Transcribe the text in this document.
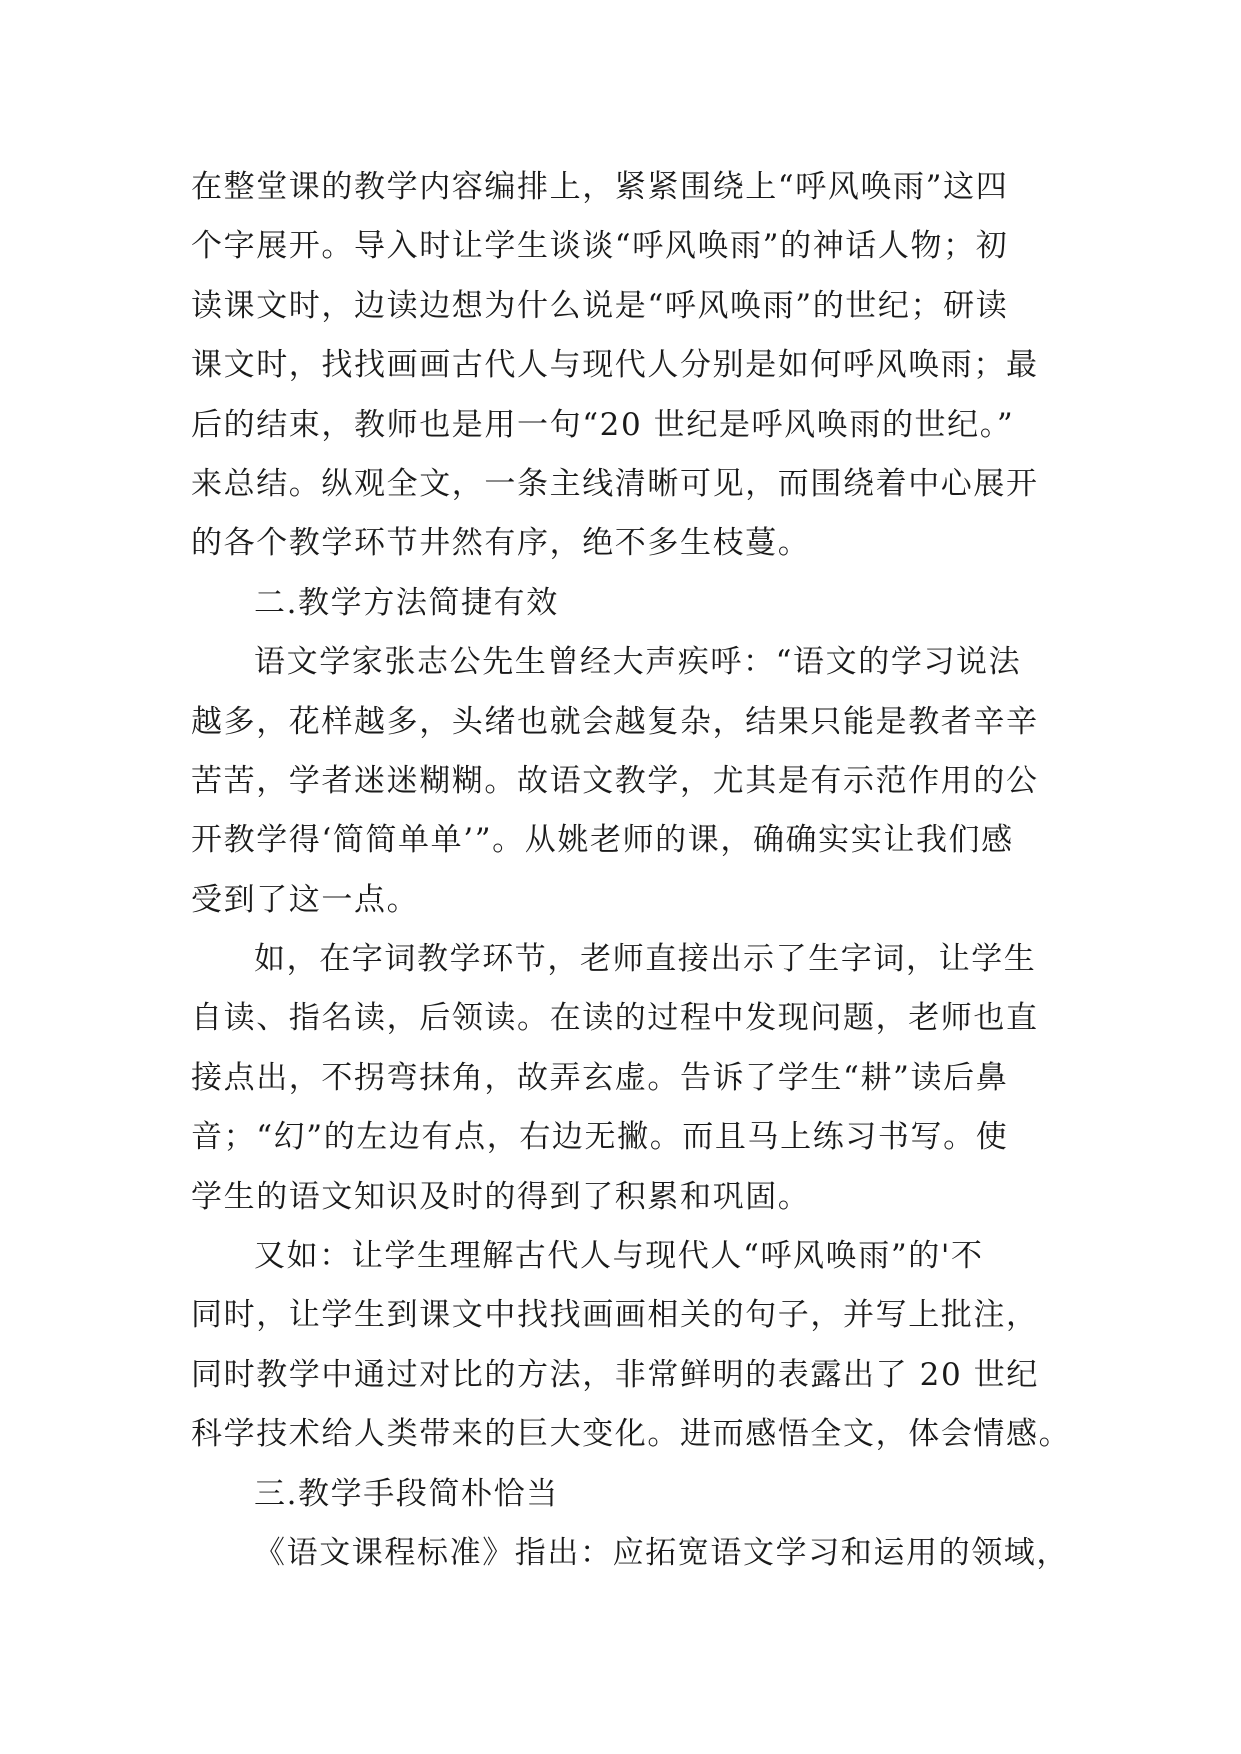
在整堂课的教学内容编排上，紧紧围绕上“呼风唤雨”这四
个字展开。导入时让学生谈谈“呼风唤雨”的神话人物；初
读课文时，边读边想为什么说是“呼风唤雨”的世纪；研读
课文时，找找画画古代人与现代人分别是如何呼风唤雨；最
后的结束，教师也是用一句“20 世纪是呼风唤雨的世纪。”
来总结。纵观全文，一条主线清晰可见，而围绕着中心展开
的各个教学环节井然有序，绝不多生枝蔓。
二.教学方法简捷有效
语文学家张志公先生曾经大声疾呼：“语文的学习说法
越多，花样越多，头绪也就会越复杂，结果只能是教者辛辛
苦苦，学者迷迷糊糊。故语文教学，尤其是有示范作用的公
开教学得‘简简单单’”。从姚老师的课，确确实实让我们感
受到了这一点。
如，在字词教学环节，老师直接出示了生字词，让学生
自读、指名读，后领读。在读的过程中发现问题，老师也直
接点出，不拐弯抹角，故弄玄虚。告诉了学生“耕”读后鼻
音；“幻”的左边有点，右边无撇。而且马上练习书写。使
学生的语文知识及时的得到了积累和巩固。
又如：让学生理解古代人与现代人“呼风唤雨”的'不
同时，让学生到课文中找找画画相关的句子，并写上批注，
同时教学中通过对比的方法，非常鲜明的表露出了 20 世纪
科学技术给人类带来的巨大变化。进而感悟全文，体会情感。
三.教学手段简朴恰当
《语文课程标准》指出：应拓宽语文学习和运用的领域，
